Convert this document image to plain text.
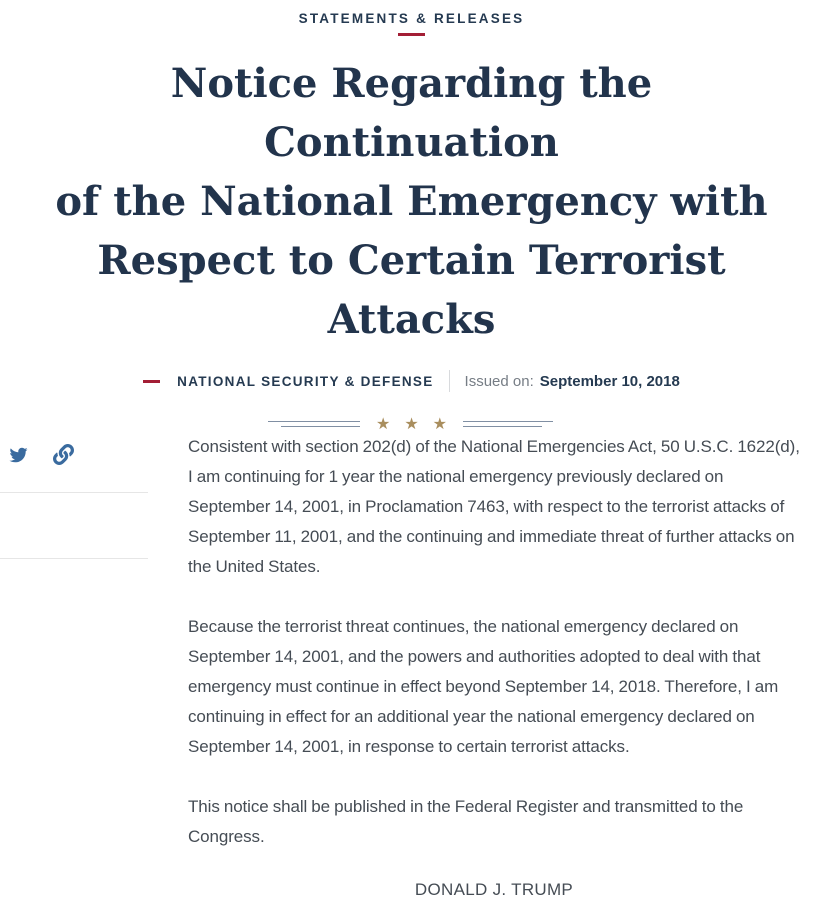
STATEMENTS & RELEASES
Notice Regarding the Continuation
of the National Emergency with
Respect to Certain Terrorist
Attacks
NATIONAL SECURITY & DEFENSE Issued on: September 10, 2018
★ ★ ★

Consistent with section 202(d) of the National Emergencies Act, 50 U.S.C. 1622(d), I am continuing for 1 year the national emergency previously declared on September 14, 2001, in Proclamation 7463, with respect to the terrorist attacks of September 11, 2001, and the continuing and immediate threat of further attacks on the United States.

Because the terrorist threat continues, the national emergency declared on September 14, 2001, and the powers and authorities adopted to deal with that emergency must continue in effect beyond September 14, 2018. Therefore, I am continuing in effect for an additional year the national emergency declared on September 14, 2001, in response to certain terrorist attacks.

This notice shall be published in the Federal Register and transmitted to the Congress.

DONALD J. TRUMP
